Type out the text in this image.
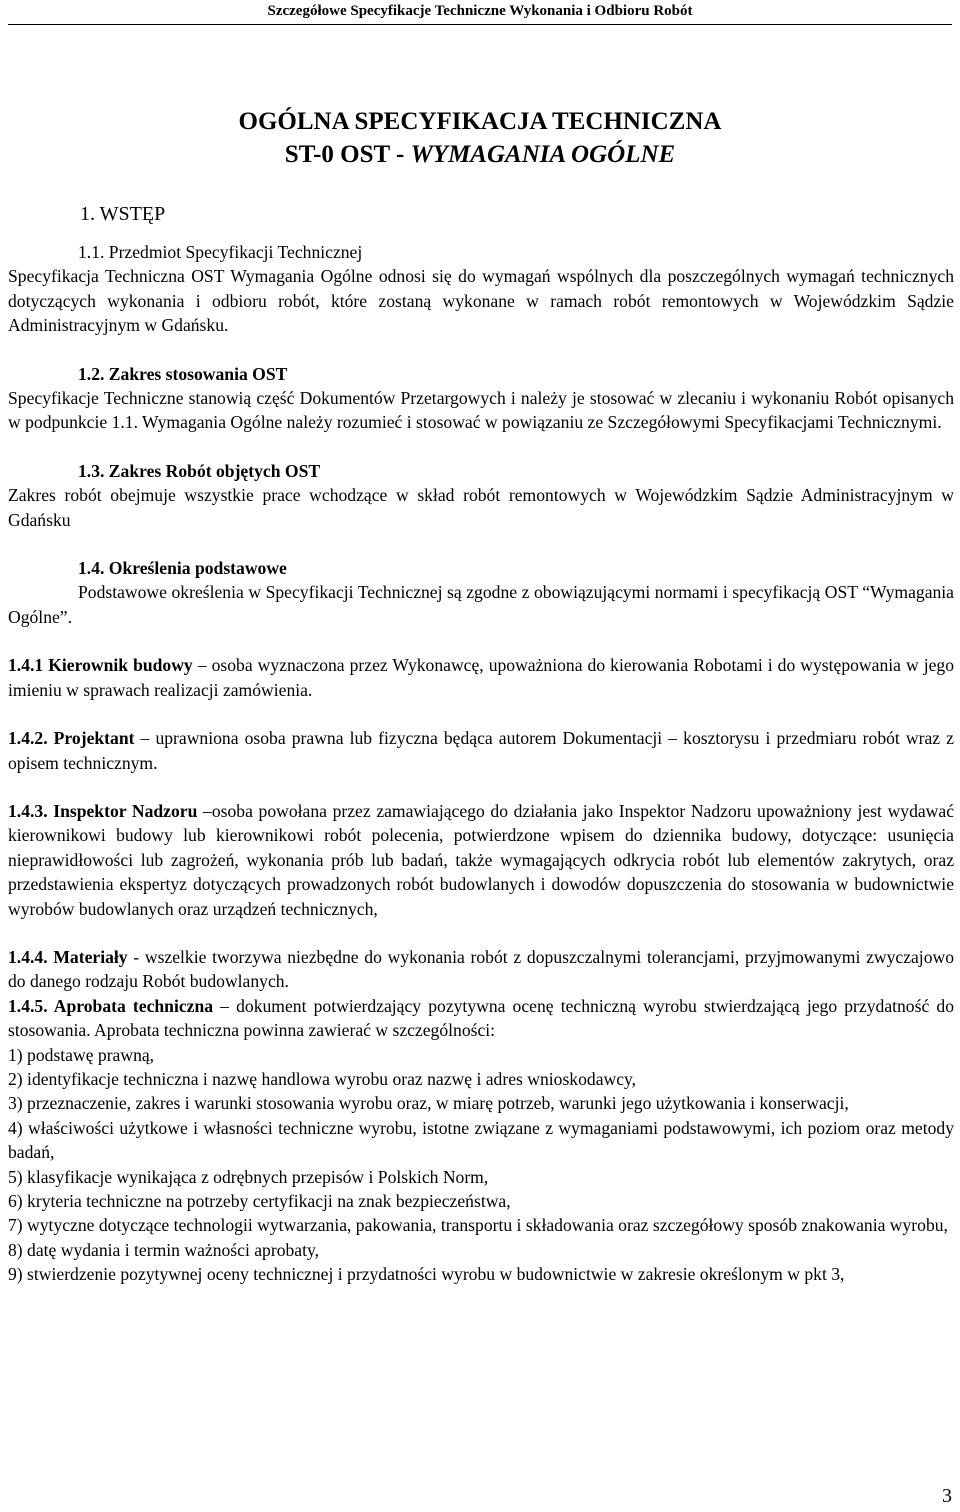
Szczegółowe Specyfikacje Techniczne Wykonania i Odbioru Robót
OGÓLNA SPECYFIKACJA TECHNICZNA
ST-0 OST - WYMAGANIA OGÓLNE
1. WSTĘP

1.1. Przedmiot Specyfikacji Technicznej

Specyfikacja Techniczna OST Wymagania Ogólne odnosi się do wymagań wspólnych dla poszczególnych wymagań technicznych dotyczących wykonania i odbioru robót, które zostaną wykonane w ramach robót remontowych w Wojewódzkim Sądzie Administracyjnym w Gdańsku.

1.2. Zakres stosowania OST

Specyfikacje Techniczne stanowią część Dokumentów Przetargowych i należy je stosować w zlecaniu i wykonaniu Robót opisanych w podpunkcie 1.1. Wymagania Ogólne należy rozumieć i stosować w powiązaniu ze Szczegółowymi Specyfikacjami Technicznymi.

1.3. Zakres Robót objętych OST

Zakres robót obejmuje wszystkie prace wchodzące w skład robót remontowych w Wojewódzkim Sądzie Administracyjnym w Gdańsku

1.4. Określenia podstawowe

Podstawowe określenia w Specyfikacji Technicznej są zgodne z obowiązującymi normami i specyfikacją OST “Wymagania Ogólne”.

1.4.1 Kierownik budowy – osoba wyznaczona przez Wykonawcę, upoważniona do kierowania Robotami i do występowania w jego imieniu w sprawach realizacji zamówienia.

1.4.2. Projektant – uprawniona osoba prawna lub fizyczna będąca autorem Dokumentacji – kosztorysu i przedmiaru robót wraz z opisem technicznym.

1.4.3. Inspektor Nadzoru –osoba powołana przez zamawiającego do działania jako Inspektor Nadzoru upoważniony jest wydawać kierownikowi budowy lub kierownikowi robót polecenia, potwierdzone wpisem do dziennika budowy, dotyczące: usunięcia nieprawidłowości lub zagrożeń, wykonania prób lub badań, także wymagających odkrycia robót lub elementów zakrytych, oraz przedstawienia ekspertyz dotyczących prowadzonych robót budowlanych i dowodów dopuszczenia do stosowania w budownictwie wyrobów budowlanych oraz urządzeń technicznych,

1.4.4. Materiały - wszelkie tworzywa niezbędne do wykonania robót z dopuszczalnymi tolerancjami, przyjmowanymi zwyczajowo do danego rodzaju Robót budowlanych.

1.4.5. Aprobata techniczna – dokument potwierdzający pozytywna ocenę techniczną wyrobu stwierdzającą jego przydatność do stosowania. Aprobata techniczna powinna zawierać w szczególności:

1) podstawę prawną,

2) identyfikacje techniczna i nazwę handlowa wyrobu oraz nazwę i adres wnioskodawcy,

3) przeznaczenie, zakres i warunki stosowania wyrobu oraz, w miarę potrzeb, warunki jego użytkowania i konserwacji,

4) właściwości użytkowe i własności techniczne wyrobu, istotne związane z wymaganiami podstawowymi, ich poziom oraz metody badań,

5) klasyfikacje wynikająca z odrębnych przepisów i Polskich Norm,

6) kryteria techniczne na potrzeby certyfikacji na znak bezpieczeństwa,

7) wytyczne dotyczące technologii wytwarzania, pakowania, transportu i składowania oraz szczegółowy sposób znakowania wyrobu,

8) datę wydania i termin ważności aprobaty,

9) stwierdzenie pozytywnej oceny technicznej i przydatności wyrobu w budownictwie w zakresie określonym w pkt 3,

3
